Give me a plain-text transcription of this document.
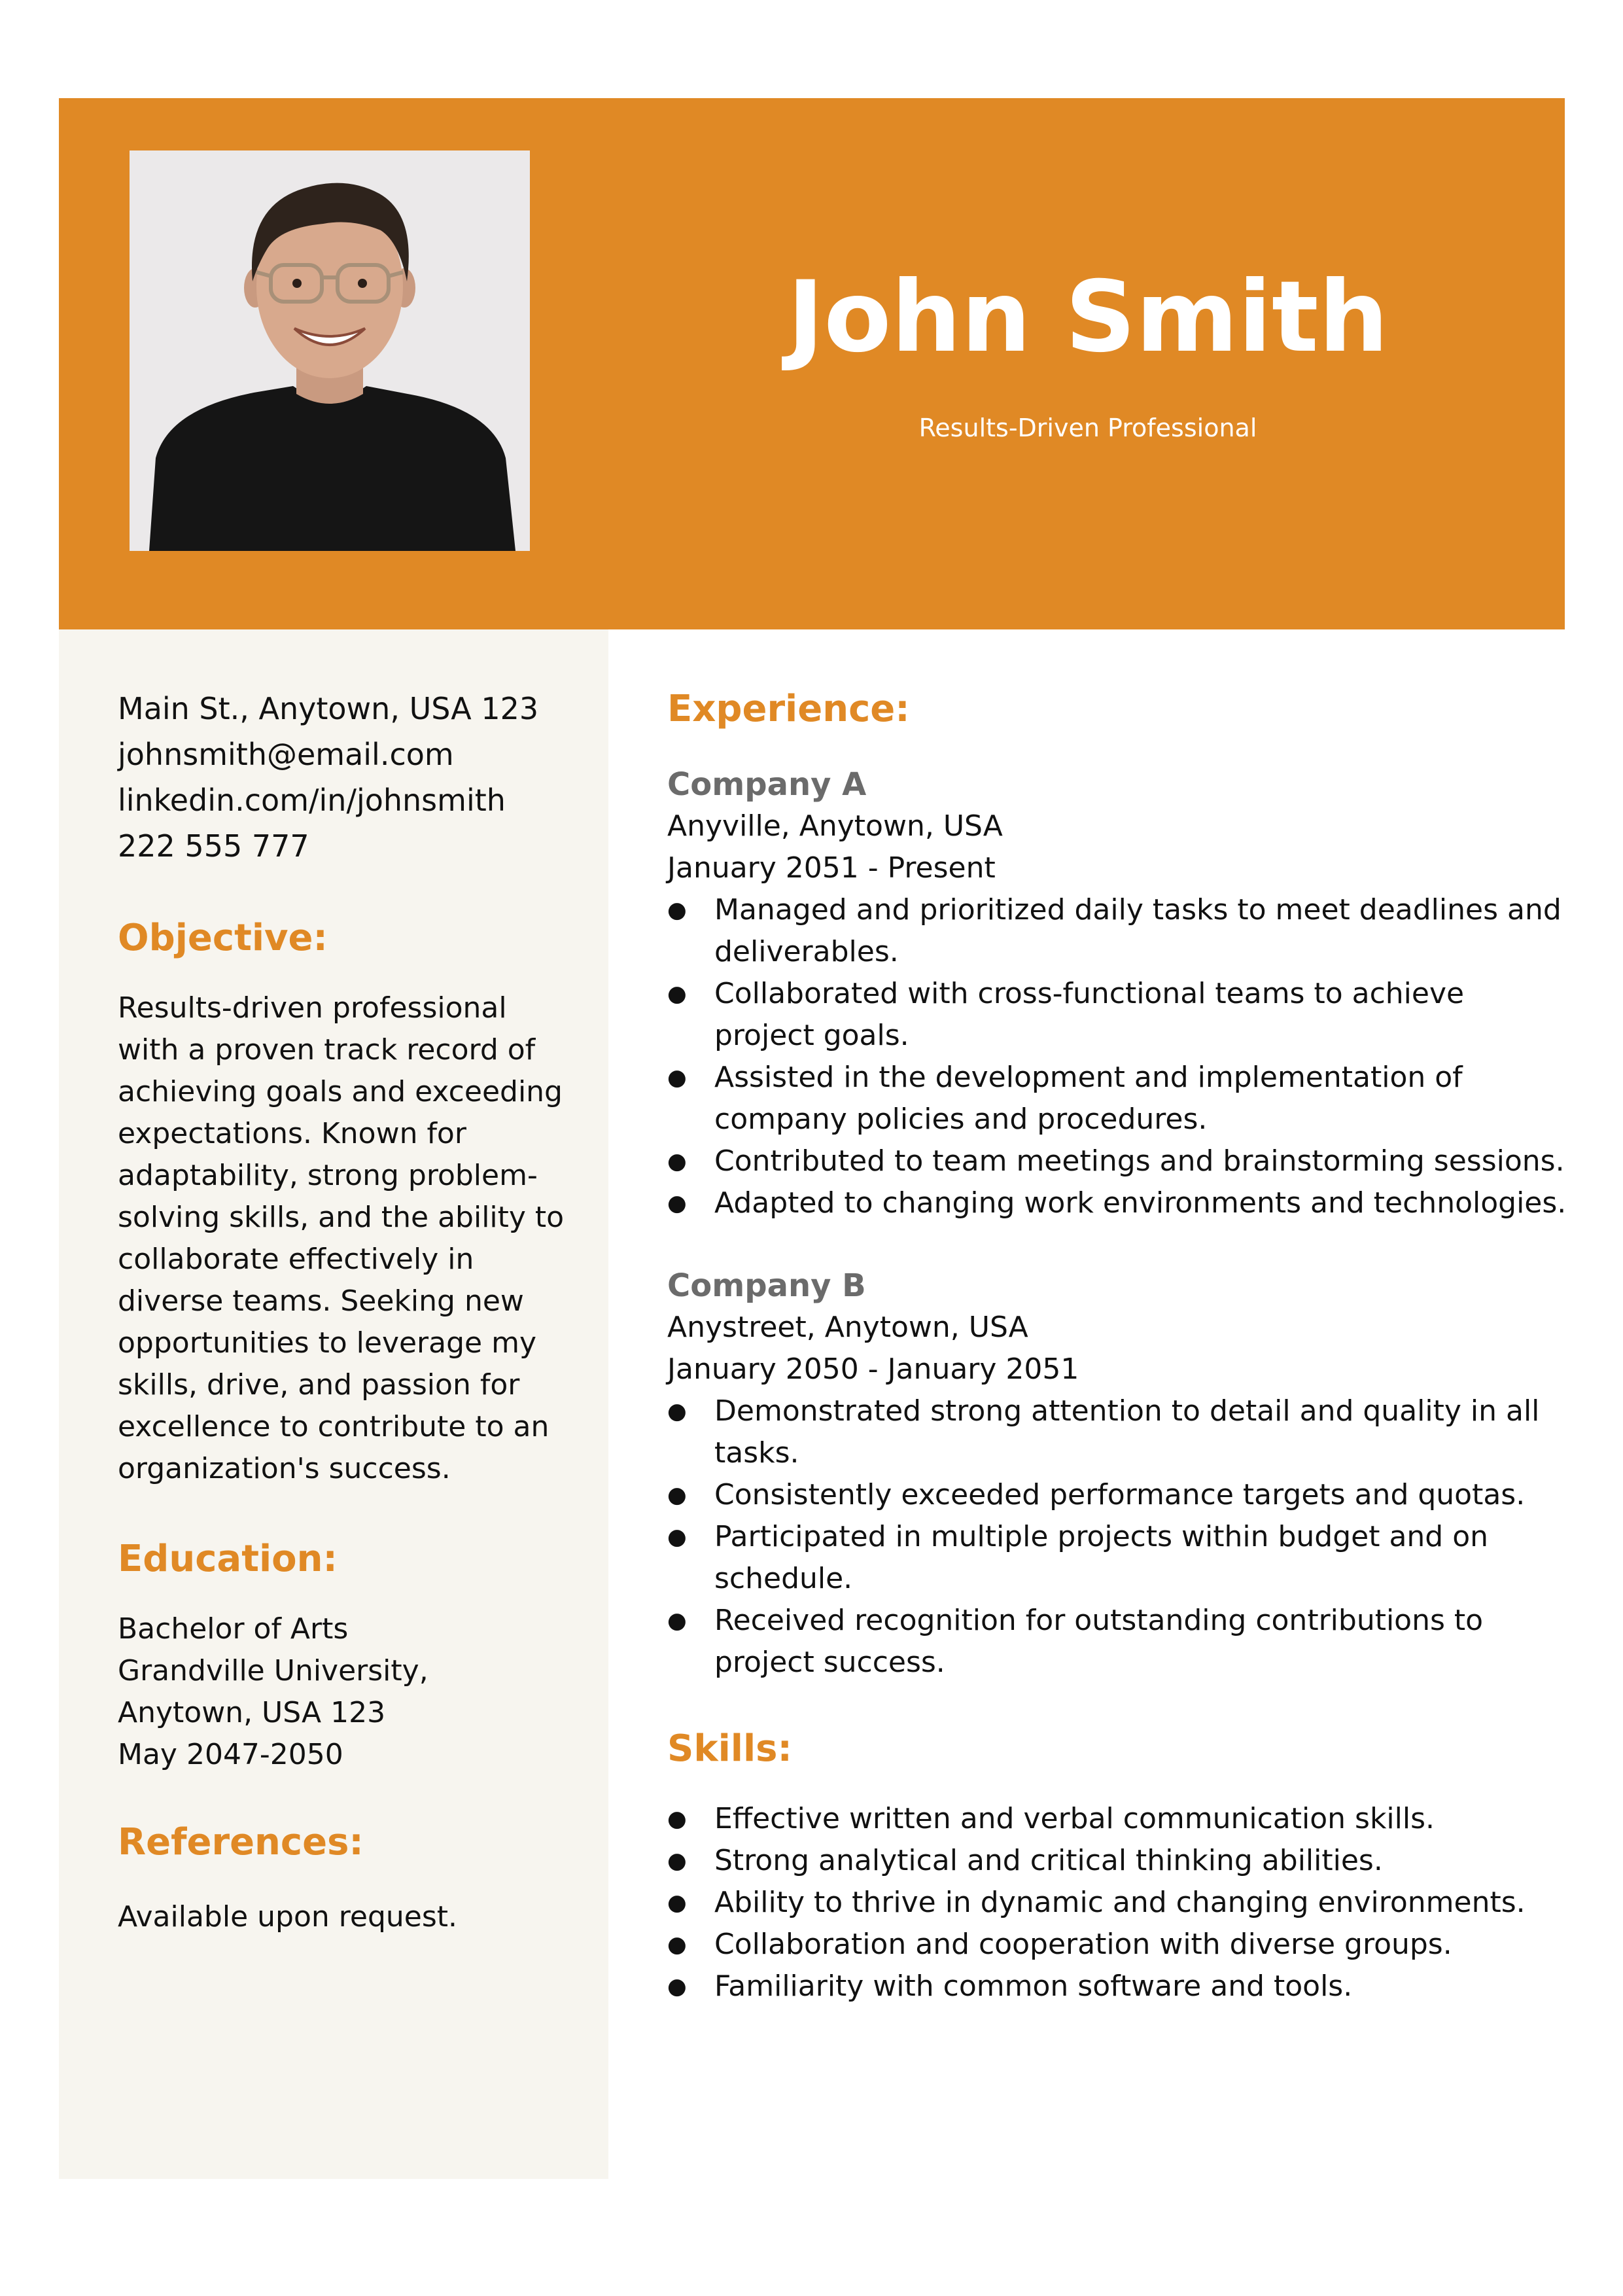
John Smith
Results-Driven Professional
Main St., Anytown, USA 123
johnsmith@email.com
linkedin.com/in/johnsmith
222 555 777
Objective:
Results-driven professional with a proven track record of achieving goals and exceeding expectations. Known for adaptability, strong problem-solving skills, and the ability to collaborate effectively in diverse teams. Seeking new opportunities to leverage my skills, drive, and passion for excellence to contribute to an organization's success.
Education:
Bachelor of Arts
Grandville University,
Anytown, USA 123
May 2047-2050
References:
Available upon request.
Experience:
Company A
Anyville, Anytown, USA
January 2051 - Present
● Managed and prioritized daily tasks to meet deadlines and deliverables.
● Collaborated with cross-functional teams to achieve project goals.
● Assisted in the development and implementation of company policies and procedures.
● Contributed to team meetings and brainstorming sessions.
● Adapted to changing work environments and technologies.
Company B
Anystreet, Anytown, USA
January 2050 - January 2051
● Demonstrated strong attention to detail and quality in all tasks.
● Consistently exceeded performance targets and quotas.
● Participated in multiple projects within budget and on schedule.
● Received recognition for outstanding contributions to project success.
Skills:
● Effective written and verbal communication skills.
● Strong analytical and critical thinking abilities.
● Ability to thrive in dynamic and changing environments.
● Collaboration and cooperation with diverse groups.
● Familiarity with common software and tools.
